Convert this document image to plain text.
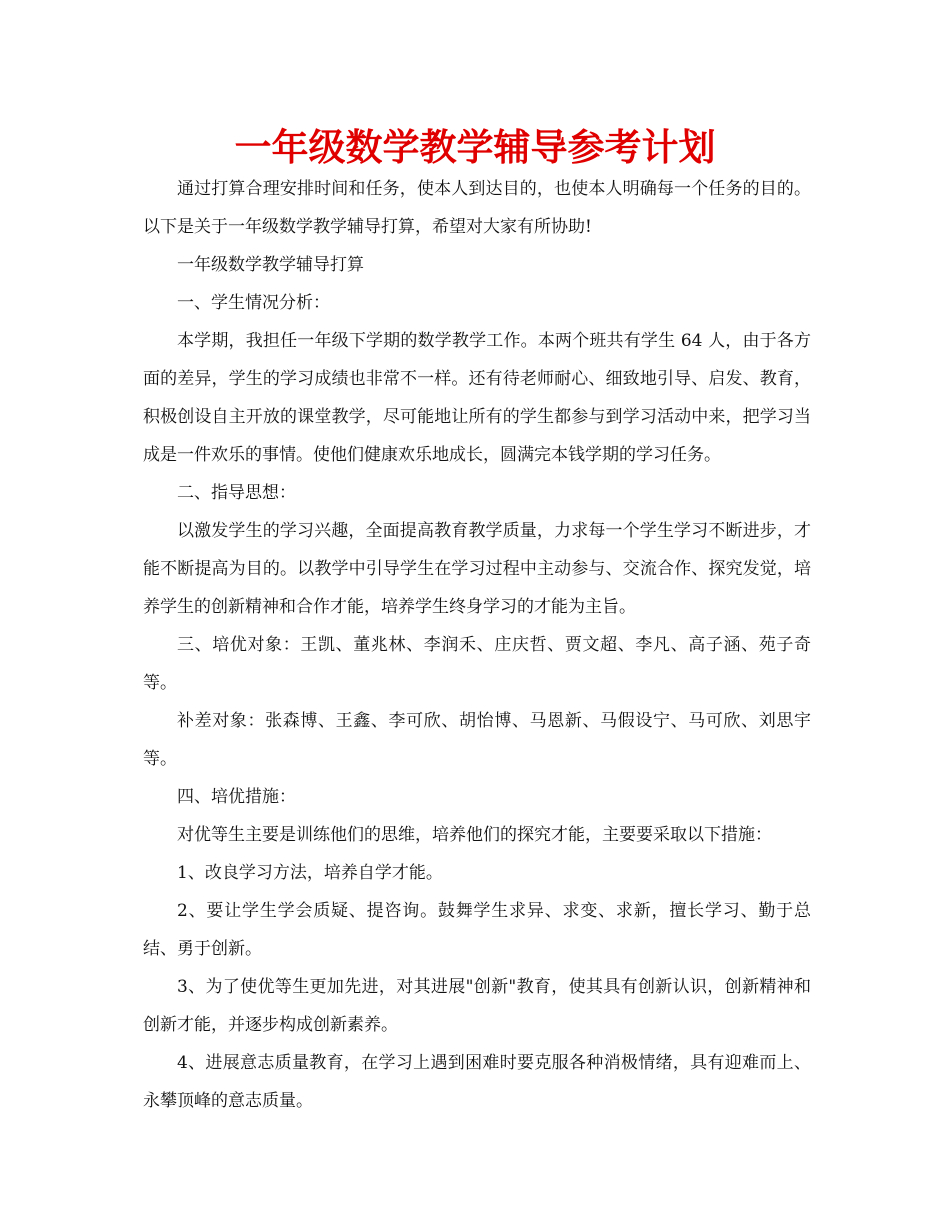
一年级数学教学辅导参考计划

通过打算合理安排时间和任务，使本人到达目的，也使本人明确每一个任务的目的。以下是关于一年级数学教学辅导打算，希望对大家有所协助!

一年级数学教学辅导打算

一、学生情况分析：

本学期，我担任一年级下学期的数学教学工作。本两个班共有学生 64 人，由于各方面的差异，学生的学习成绩也非常不一样。还有待老师耐心、细致地引导、启发、教育，积极创设自主开放的课堂教学，尽可能地让所有的学生都参与到学习活动中来，把学习当成是一件欢乐的事情。使他们健康欢乐地成长，圆满完本钱学期的学习任务。

二、指导思想：

以激发学生的学习兴趣，全面提高教育教学质量，力求每一个学生学习不断进步，才能不断提高为目的。以教学中引导学生在学习过程中主动参与、交流合作、探究发觉，培养学生的创新精神和合作才能，培养学生终身学习的才能为主旨。

三、培优对象：王凯、董兆林、李润禾、庄庆哲、贾文超、李凡、高子涵、苑子奇等。

补差对象：张森博、王鑫、李可欣、胡怡博、马恩新、马假设宁、马可欣、刘思宇等。

四、培优措施：

对优等生主要是训练他们的思维，培养他们的探究才能，主要要采取以下措施：

1、改良学习方法，培养自学才能。

2、要让学生学会质疑、提咨询。鼓舞学生求异、求变、求新，擅长学习、勤于总结、勇于创新。

3、为了使优等生更加先进，对其进展"创新"教育，使其具有创新认识，创新精神和创新才能，并逐步构成创新素养。

4、进展意志质量教育，在学习上遇到困难时要克服各种消极情绪，具有迎难而上、永攀顶峰的意志质量。
